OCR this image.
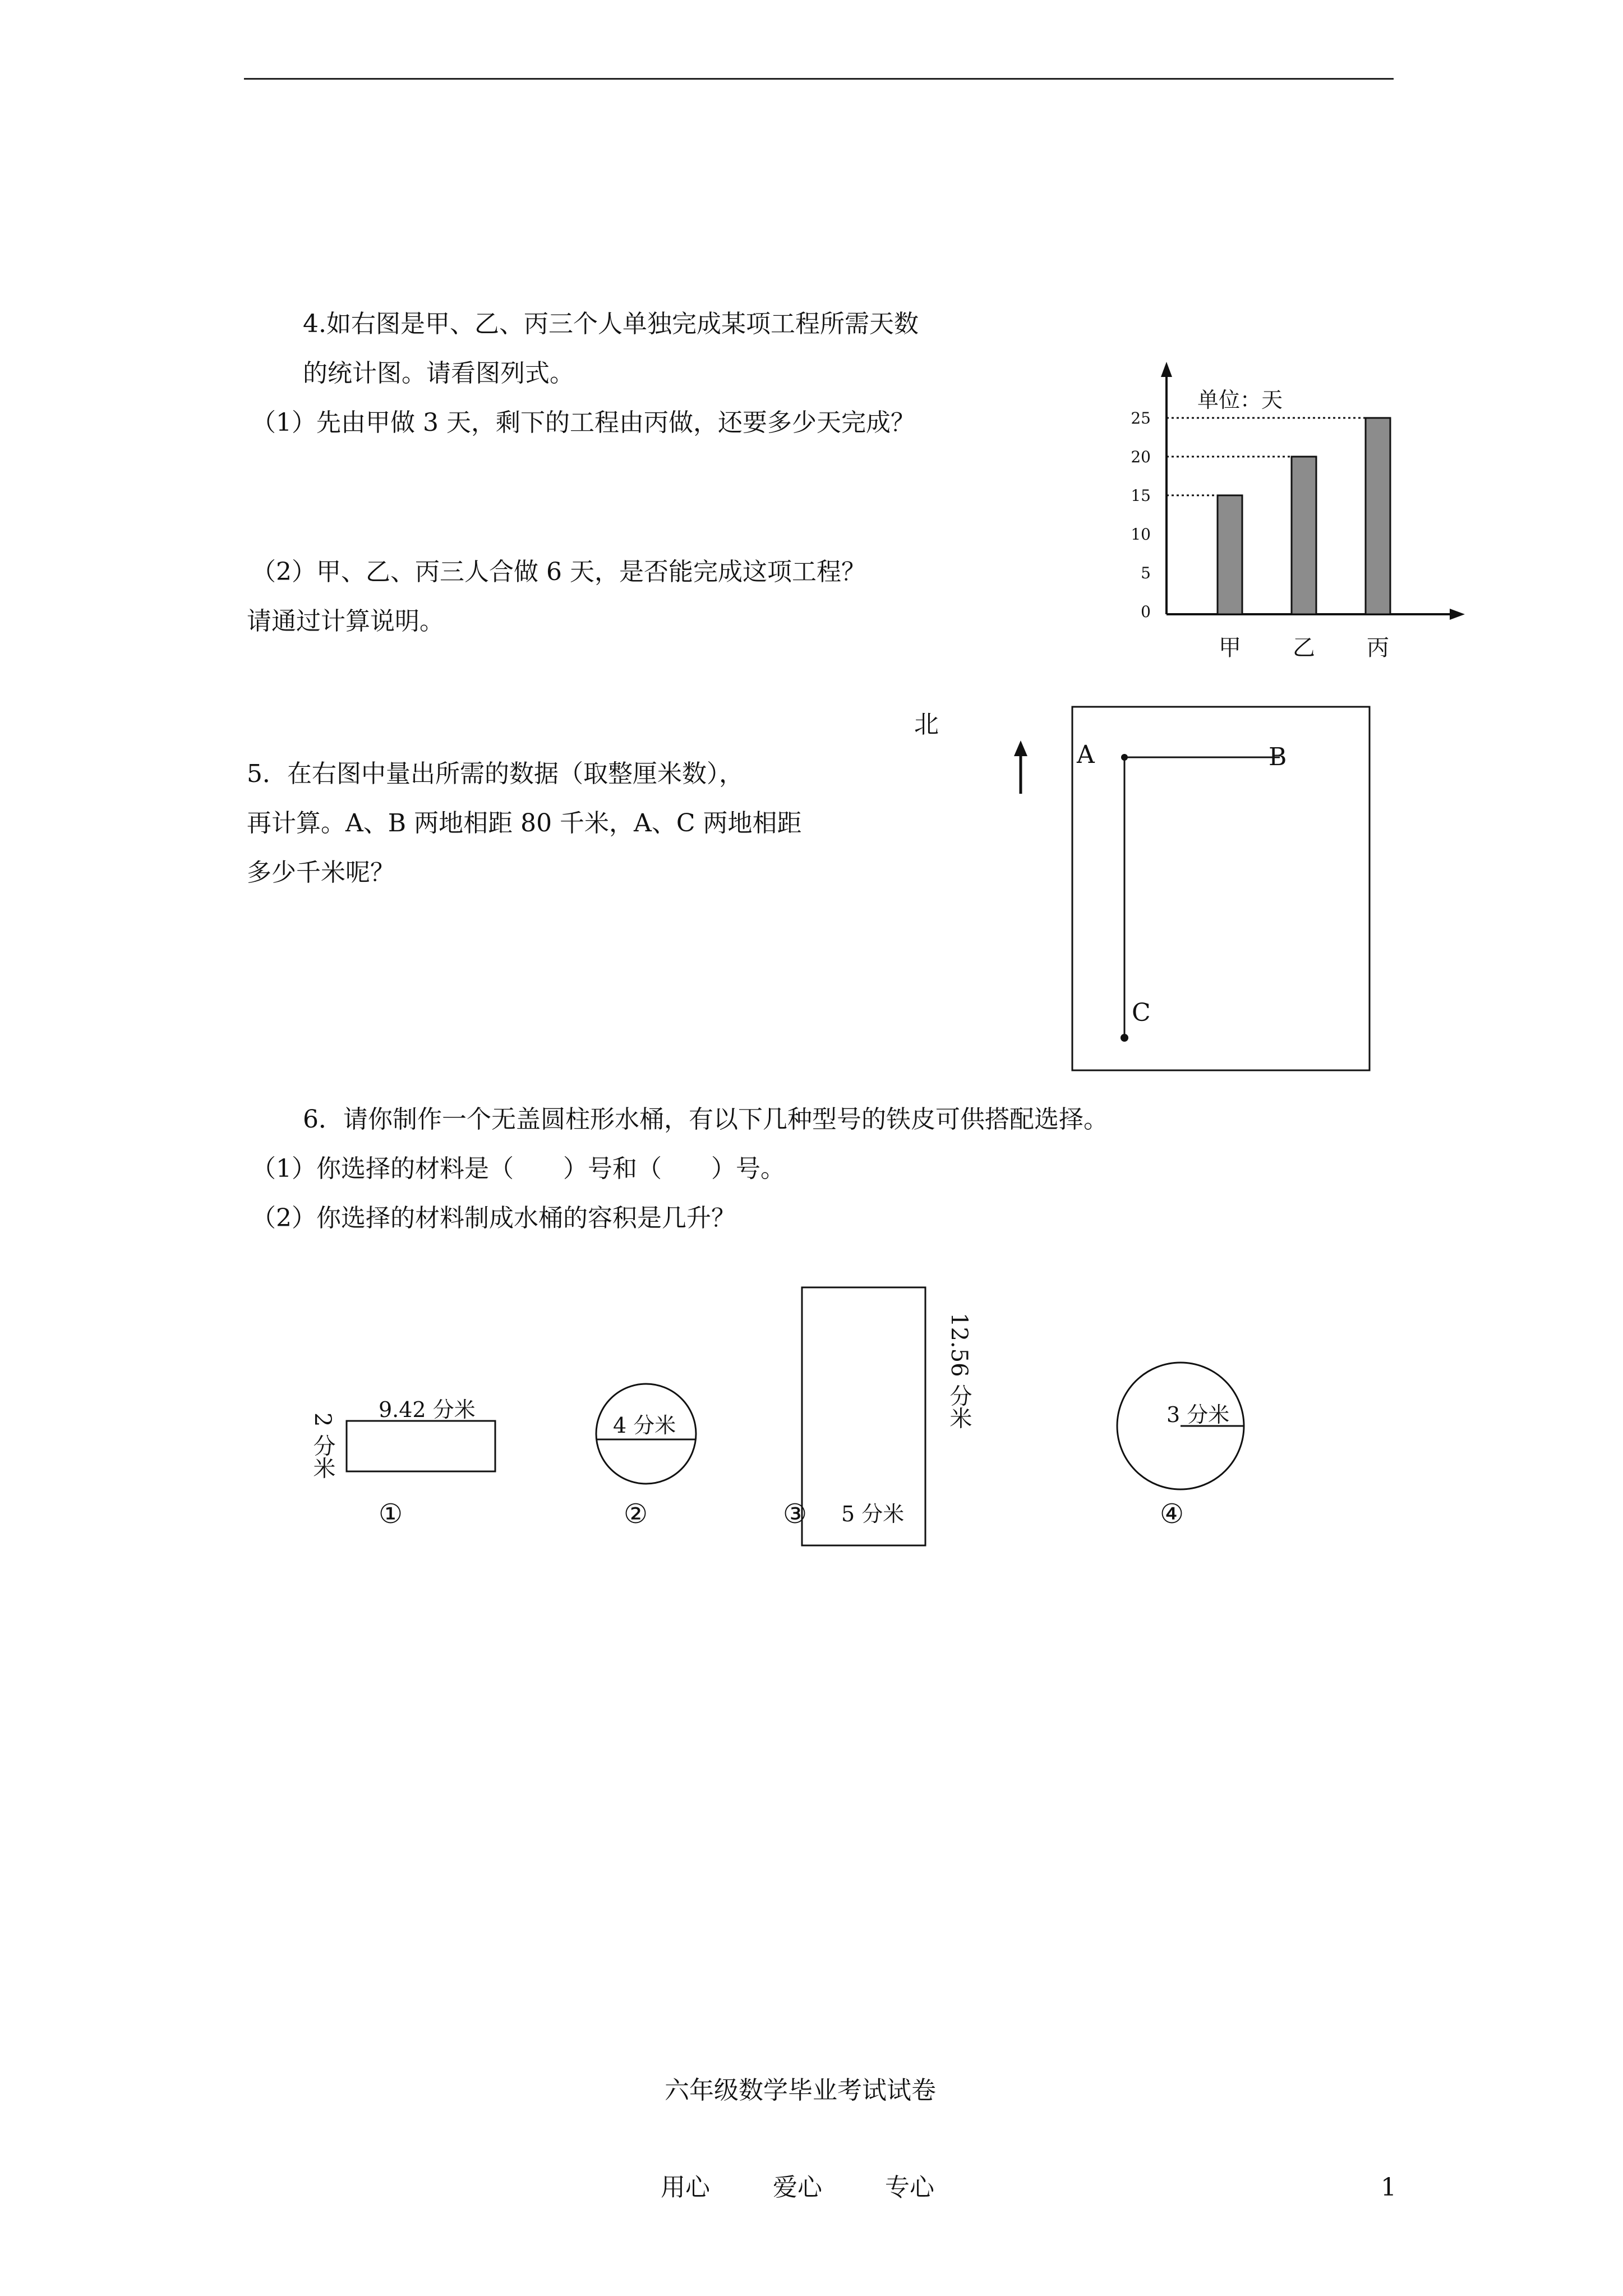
4.如右图是甲、乙、丙三个人单独完成某项工程所需天数
的统计图。请看图列式。
（1）先由甲做 3 天，剩下的工程由丙做，还要多少天完成？
（2）甲、乙、丙三人合做 6 天，是否能完成这项工程？
请通过计算说明。
单位：天
0
5
10
15
20
25
甲 乙 丙
北
5．在右图中量出所需的数据（取整厘米数），
再计算。A、B 两地相距 80 千米，A、C 两地相距
多少千米呢？
A	B
C
6．请你制作一个无盖圆柱形水桶，有以下几种型号的铁皮可供搭配选择。
（1）你选择的材料是（　　）号和（　　）号。
（2）你选择的材料制成水桶的容积是几升？
9.42 分米
①
4 分米
②	③ 5 分米
3 分米
④
2 分米
12.56 分米
六年级数学毕业考试试卷
用心	爱心	专心	1
